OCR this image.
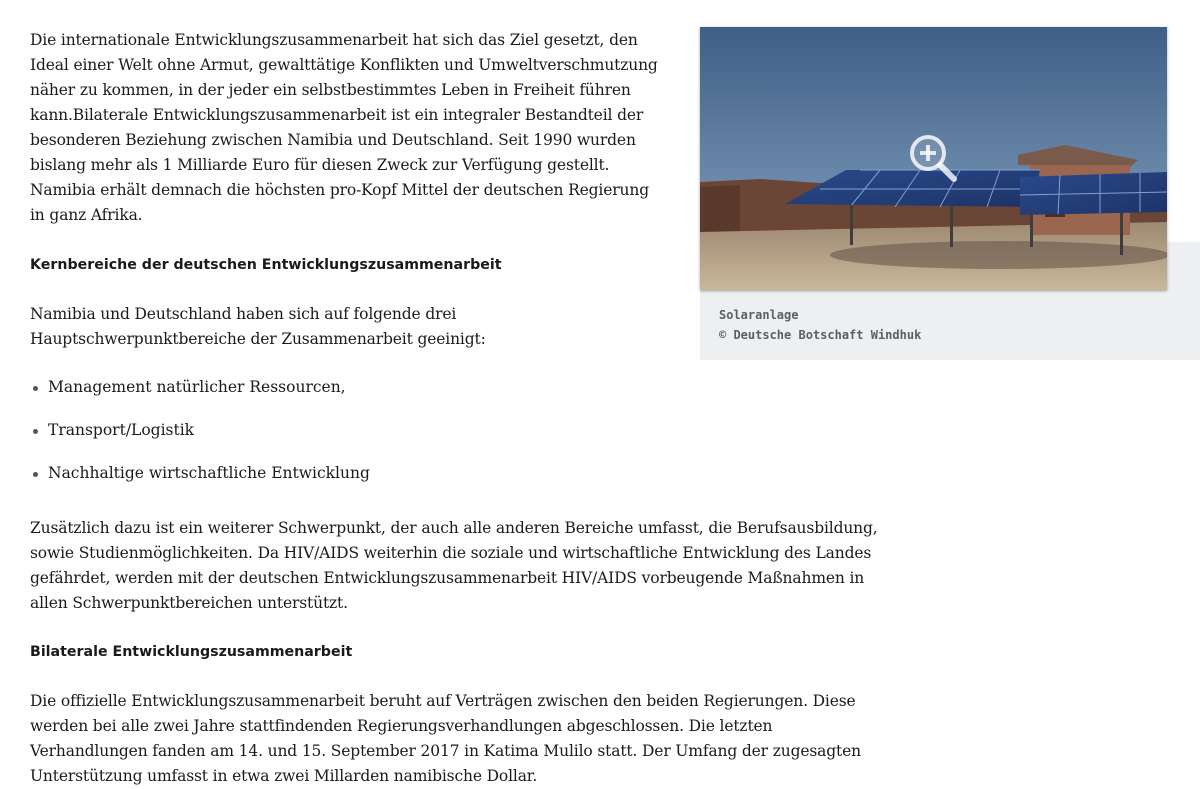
Die internationale Entwicklungszusammenarbeit hat sich das Ziel gesetzt, den Ideal einer Welt ohne Armut, gewalttätige Konflikten und Umweltverschmutzung näher zu kommen, in der jeder ein selbstbestimmtes Leben in Freiheit führen kann.Bilaterale Entwicklungszusammenarbeit ist ein integraler Bestandteil der besonderen Beziehung zwischen Namibia und Deutschland. Seit 1990 wurden bislang mehr als 1 Milliarde Euro für diesen Zweck zur Verfügung gestellt. Namibia erhält demnach die höchsten pro-Kopf Mittel der deutschen Regierung in ganz Afrika.

Kernbereiche der deutschen Entwicklungszusammenarbeit

Namibia und Deutschland haben sich auf folgende drei Hauptschwerpunktbereiche der Zusammenarbeit geeinigt:

Management natürlicher Ressourcen,
Transport/Logistik
Nachhaltige wirtschaftliche Entwicklung

Zusätzlich dazu ist ein weiterer Schwerpunkt, der auch alle anderen Bereiche umfasst, die Berufsausbildung, sowie Studienmöglichkeiten. Da HIV/AIDS weiterhin die soziale und wirtschaftliche Entwicklung des Landes gefährdet, werden mit der deutschen Entwicklungszusammenarbeit HIV/AIDS vorbeugende Maßnahmen in allen Schwerpunktbereichen unterstützt.

Bilaterale Entwicklungszusammenarbeit

Die offizielle Entwicklungszusammenarbeit beruht auf Verträgen zwischen den beiden Regierungen. Diese werden bei alle zwei Jahre stattfindenden Regierungsverhandlungen abgeschlossen. Die letzten Verhandlungen fanden am 14. und 15. September 2017 in Katima Mulilo statt. Der Umfang der zugesagten Unterstützung umfasst in etwa zwei Millarden namibische Dollar.

Solaranlage
© Deutsche Botschaft Windhuk
